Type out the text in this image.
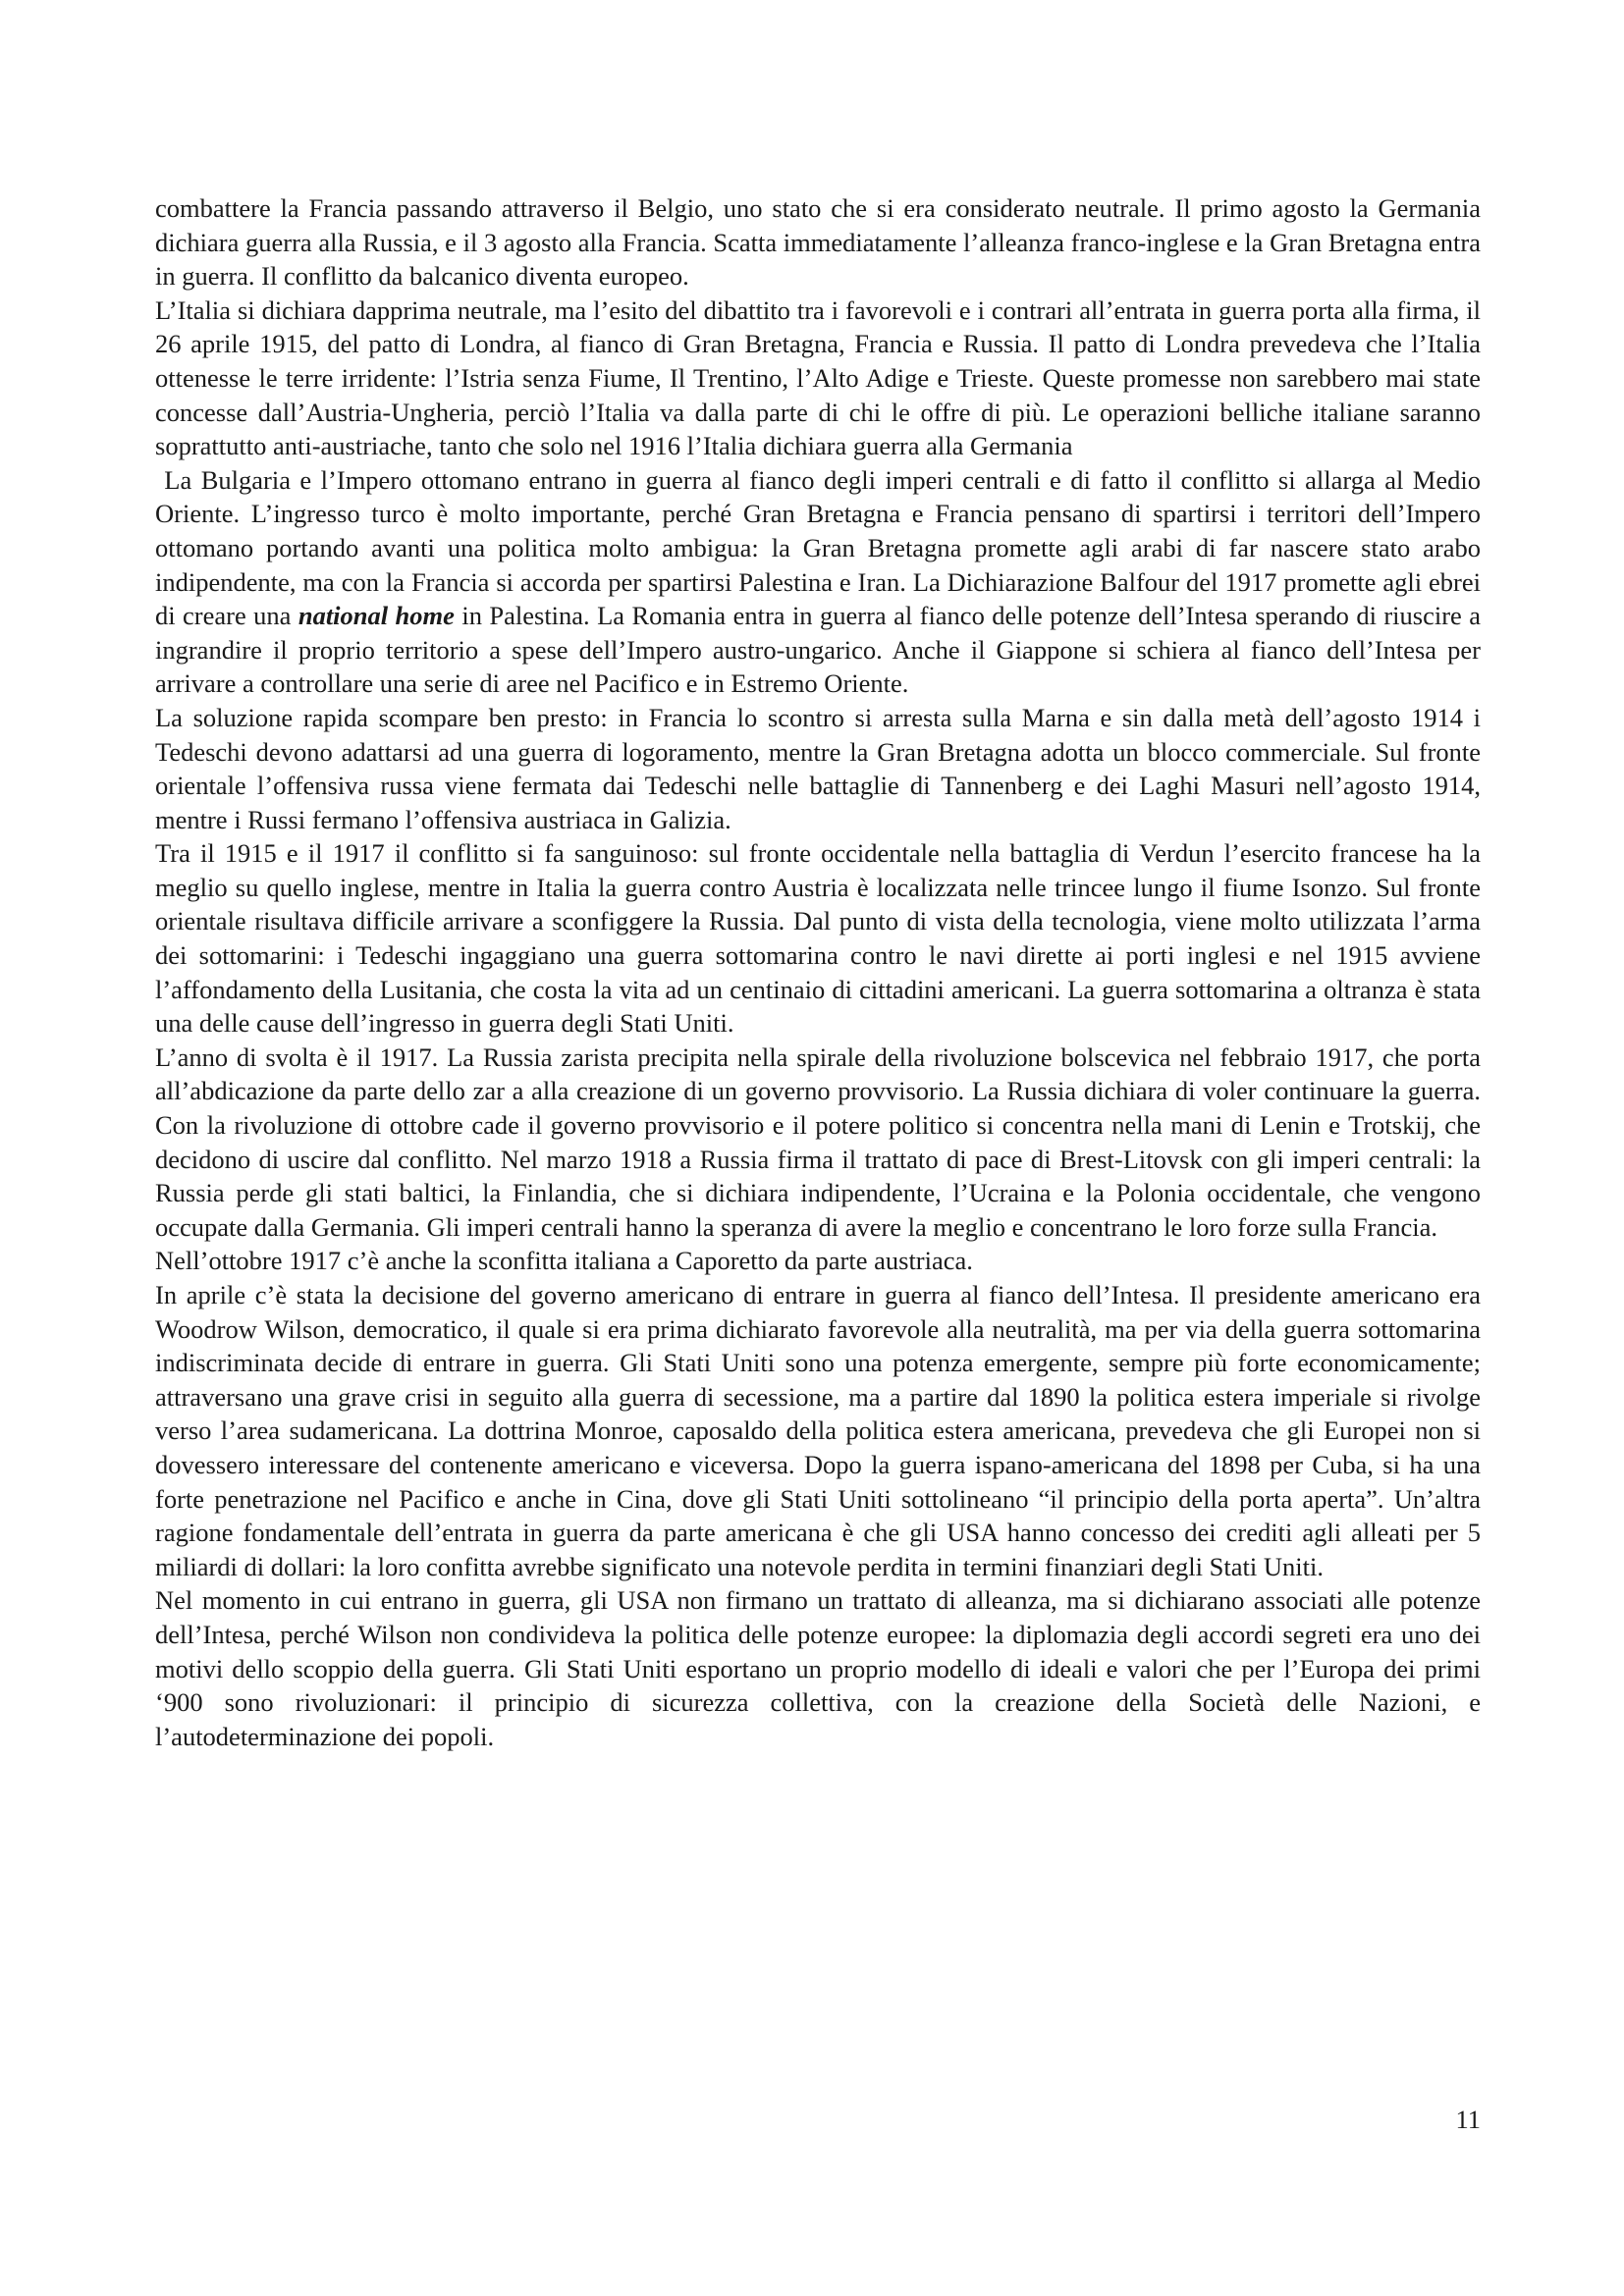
combattere la Francia passando attraverso il Belgio, uno stato che si era considerato neutrale. Il primo agosto la Germania dichiara guerra alla Russia, e il 3 agosto alla Francia. Scatta immediatamente l’alleanza franco-inglese e la Gran Bretagna entra in guerra. Il conflitto da balcanico diventa europeo.

L’Italia si dichiara dapprima neutrale, ma l’esito del dibattito tra i favorevoli e i contrari all’entrata in guerra porta alla firma, il 26 aprile 1915, del patto di Londra, al fianco di Gran Bretagna, Francia e Russia. Il patto di Londra prevedeva che l’Italia ottenesse le terre irridente: l’Istria senza Fiume, Il Trentino, l’Alto Adige e Trieste. Queste promesse non sarebbero mai state concesse dall’Austria-Ungheria, perciò l’Italia va dalla parte di chi le offre di più. Le operazioni belliche italiane saranno soprattutto anti-austriache, tanto che solo nel 1916 l’Italia dichiara guerra alla Germania

La Bulgaria e l’Impero ottomano entrano in guerra al fianco degli imperi centrali e di fatto il conflitto si allarga al Medio Oriente. L’ingresso turco è molto importante, perché Gran Bretagna e Francia pensano di spartirsi i territori dell’Impero ottomano portando avanti una politica molto ambigua: la Gran Bretagna promette agli arabi di far nascere stato arabo indipendente, ma con la Francia si accorda per spartirsi Palestina e Iran. La Dichiarazione Balfour del 1917 promette agli ebrei di creare una national home in Palestina. La Romania entra in guerra al fianco delle potenze dell’Intesa sperando di riuscire a ingrandire il proprio territorio a spese dell’Impero austro-ungarico. Anche il Giappone si schiera al fianco dell’Intesa per arrivare a controllare una serie di aree nel Pacifico e in Estremo Oriente.

La soluzione rapida scompare ben presto: in Francia lo scontro si arresta sulla Marna e sin dalla metà dell’agosto 1914 i Tedeschi devono adattarsi ad una guerra di logoramento, mentre la Gran Bretagna adotta un blocco commerciale. Sul fronte orientale l’offensiva russa viene fermata dai Tedeschi nelle battaglie di Tannenberg e dei Laghi Masuri nell’agosto 1914, mentre i Russi fermano l’offensiva austriaca in Galizia.

Tra il 1915 e il 1917 il conflitto si fa sanguinoso: sul fronte occidentale nella battaglia di Verdun l’esercito francese ha la meglio su quello inglese, mentre in Italia la guerra contro Austria è localizzata nelle trincee lungo il fiume Isonzo. Sul fronte orientale risultava difficile arrivare a sconfiggere la Russia. Dal punto di vista della tecnologia, viene molto utilizzata l’arma dei sottomarini: i Tedeschi ingaggiano una guerra sottomarina contro le navi dirette ai porti inglesi e nel 1915 avviene l’affondamento della Lusitania, che costa la vita ad un centinaio di cittadini americani. La guerra sottomarina a oltranza è stata una delle cause dell’ingresso in guerra degli Stati Uniti.

L’anno di svolta è il 1917. La Russia zarista precipita nella spirale della rivoluzione bolscevica nel febbraio 1917, che porta all’abdicazione da parte dello zar a alla creazione di un governo provvisorio. La Russia dichiara di voler continuare la guerra. Con la rivoluzione di ottobre cade il governo provvisorio e il potere politico si concentra nella mani di Lenin e Trotskij, che decidono di uscire dal conflitto. Nel marzo 1918 a Russia firma il trattato di pace di Brest-Litovsk con gli imperi centrali: la Russia perde gli stati baltici, la Finlandia, che si dichiara indipendente, l’Ucraina e la Polonia occidentale, che vengono occupate dalla Germania. Gli imperi centrali hanno la speranza di avere la meglio e concentrano le loro forze sulla Francia.

Nell’ottobre 1917 c’è anche la sconfitta italiana a Caporetto da parte austriaca.

In aprile c’è stata la decisione del governo americano di entrare in guerra al fianco dell’Intesa. Il presidente americano era Woodrow Wilson, democratico, il quale si era prima dichiarato favorevole alla neutralità, ma per via della guerra sottomarina indiscriminata decide di entrare in guerra. Gli Stati Uniti sono una potenza emergente, sempre più forte economicamente; attraversano una grave crisi in seguito alla guerra di secessione, ma a partire dal 1890 la politica estera imperiale si rivolge verso l’area sudamericana. La dottrina Monroe, caposaldo della politica estera americana, prevedeva che gli Europei non si dovessero interessare del contenente americano e viceversa. Dopo la guerra ispano-americana del 1898 per Cuba, si ha una forte penetrazione nel Pacifico e anche in Cina, dove gli Stati Uniti sottolineano “il principio della porta aperta”. Un’altra ragione fondamentale dell’entrata in guerra da parte americana è che gli USA hanno concesso dei crediti agli alleati per 5 miliardi di dollari: la loro confitta avrebbe significato una notevole perdita in termini finanziari degli Stati Uniti.

Nel momento in cui entrano in guerra, gli USA non firmano un trattato di alleanza, ma si dichiarano associati alle potenze dell’Intesa, perché Wilson non condivideva la politica delle potenze europee: la diplomazia degli accordi segreti era uno dei motivi dello scoppio della guerra. Gli Stati Uniti esportano un proprio modello di ideali e valori che per l’Europa dei primi ‘900 sono rivoluzionari: il principio di sicurezza collettiva, con la creazione della Società delle Nazioni, e l’autodeterminazione dei popoli.

11
